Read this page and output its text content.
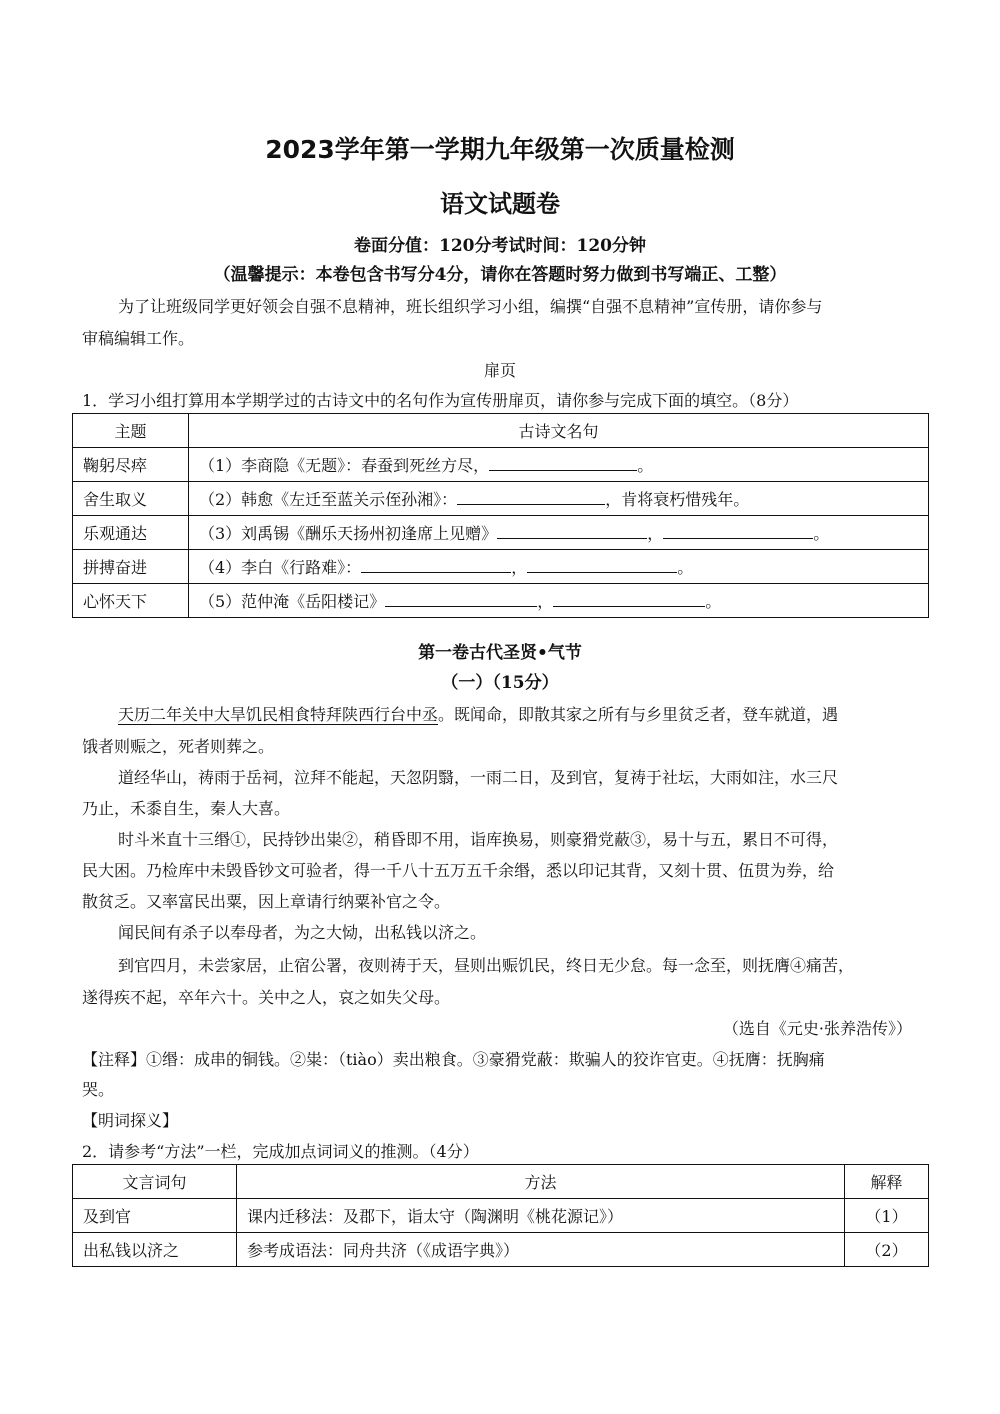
2023学年第一学期九年级第一次质量检测
语文试题卷
卷面分值：120分考试时间：120分钟
（温馨提示：本卷包含书写分4分，请你在答题时努力做到书写端正、工整）
为了让班级同学更好领会自强不息精神，班长组织学习小组，编撰“自强不息精神”宣传册，请你参与
审稿编辑工作。
扉页
1．学习小组打算用本学期学过的古诗文中的名句作为宣传册扉页，请你参与完成下面的填空。（8分）
主题	古诗文名句
鞠躬尽瘁	（1）李商隐《无题》：春蚕到死丝方尽， 。
舍生取义	（2）韩愈《左迁至蓝关示侄孙湘》： ，肯将衰朽惜残年。
乐观通达	（3）刘禹锡《酬乐天扬州初逢席上见赠》 ， 。
拼搏奋进	（4）李白《行路难》： ， 。
心怀天下	（5）范仲淹《岳阳楼记》 ， 。
第一卷古代圣贤•气节
（一）（15分）
天历二年关中大旱饥民相食特拜陕西行台中丞。既闻命，即散其家之所有与乡里贫乏者，登车就道，遇
饿者则赈之，死者则葬之。
道经华山，祷雨于岳祠，泣拜不能起，天忽阴翳，一雨二日，及到官，复祷于社坛，大雨如注，水三尺
乃止，禾黍自生，秦人大喜。
时斗米直十三缗①，民持钞出粜②，稍昏即不用，诣库换易，则豪猾党蔽③，易十与五，累日不可得，
民大困。乃检库中未毁昏钞文可验者，得一千八十五万五千余缗，悉以印记其背，又刻十贯、伍贯为券，给
散贫乏。又率富民出粟，因上章请行纳粟补官之令。
闻民间有杀子以奉母者，为之大恸，出私钱以济之。
到官四月，未尝家居，止宿公署，夜则祷于天，昼则出赈饥民，终日无少怠。每一念至，则抚膺④痛苦，
遂得疾不起，卒年六十。关中之人，哀之如失父母。
（选自《元史·张养浩传》）
【注释】①缗：成串的铜钱。②粜：（tiào）卖出粮食。③豪猾党蔽：欺骗人的狡诈官吏。④抚膺：抚胸痛
哭。
【明词探义】
2．请参考“方法”一栏，完成加点词词义的推测。（4分）
文言词句	方法	解释
及到官	课内迁移法：及郡下，诣太守（陶渊明《桃花源记》）	（1）
出私钱以济之	参考成语法：同舟共济（《成语字典》）	（2）
